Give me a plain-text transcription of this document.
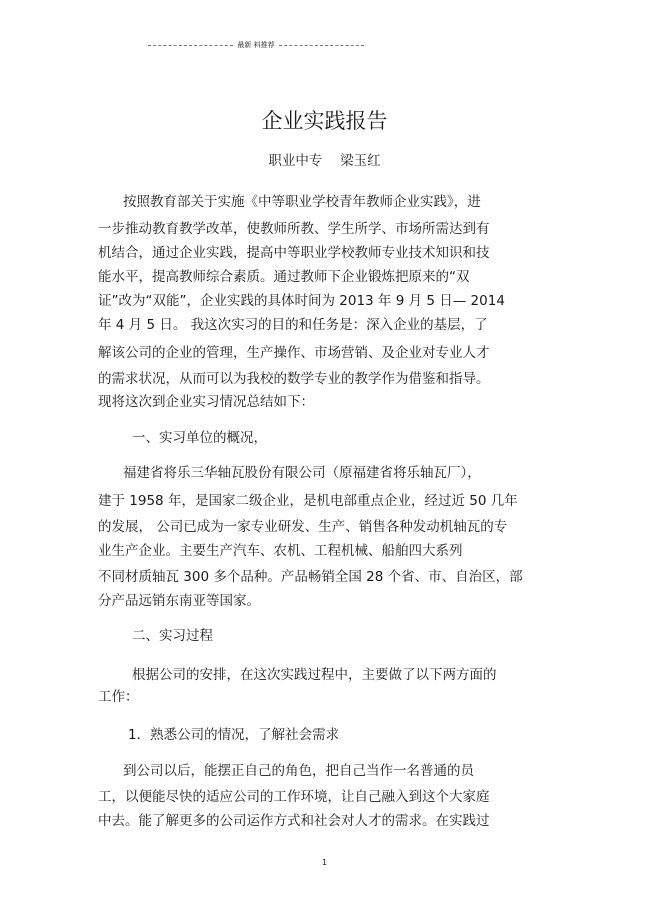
最新 料推荐
企业实践报告
职业中专　 梁玉红
按照教育部关于实施《中等职业学校青年教师企业实践》，进
一步推动教育教学改革，使教师所教、学生所学、市场所需达到有
机结合，通过企业实践，提高中等职业学校教师专业技术知识和技
能水平，提高教师综合素质。通过教师下企业锻炼把原来的“双
证”改为“双能”，企业实践的具体时间为 2013 年 9 月 5 日— 2014
年 4 月 5 日。 我这次实习的目的和任务是：深入企业的基层，了
解该公司的企业的管理，生产操作、市场营销、及企业对专业人才
的需求状况，从而可以为我校的数学专业的教学作为借鉴和指导。
现将这次到企业实习情况总结如下：
一、实习单位的概况，
福建省将乐三华轴瓦股份有限公司（原福建省将乐轴瓦厂），
建于 1958 年，是国家二级企业，是机电部重点企业，经过近 50 几年
的发展， 公司已成为一家专业研发、生产、销售各种发动机轴瓦的专
业生产企业。主要生产汽车、农机、工程机械、船舶四大系列
不同材质轴瓦 300 多个品种。产品畅销全国 28 个省、市、自治区，部
分产品远销东南亚等国家。
二、实习过程
根据公司的安排，在这次实践过程中，主要做了以下两方面的
工作：
1．熟悉公司的情况，了解社会需求
到公司以后，能摆正自己的角色，把自己当作一名普通的员
工，以便能尽快的适应公司的工作环境，让自己融入到这个大家庭
中去。能了解更多的公司运作方式和社会对人才的需求。在实践过
1
